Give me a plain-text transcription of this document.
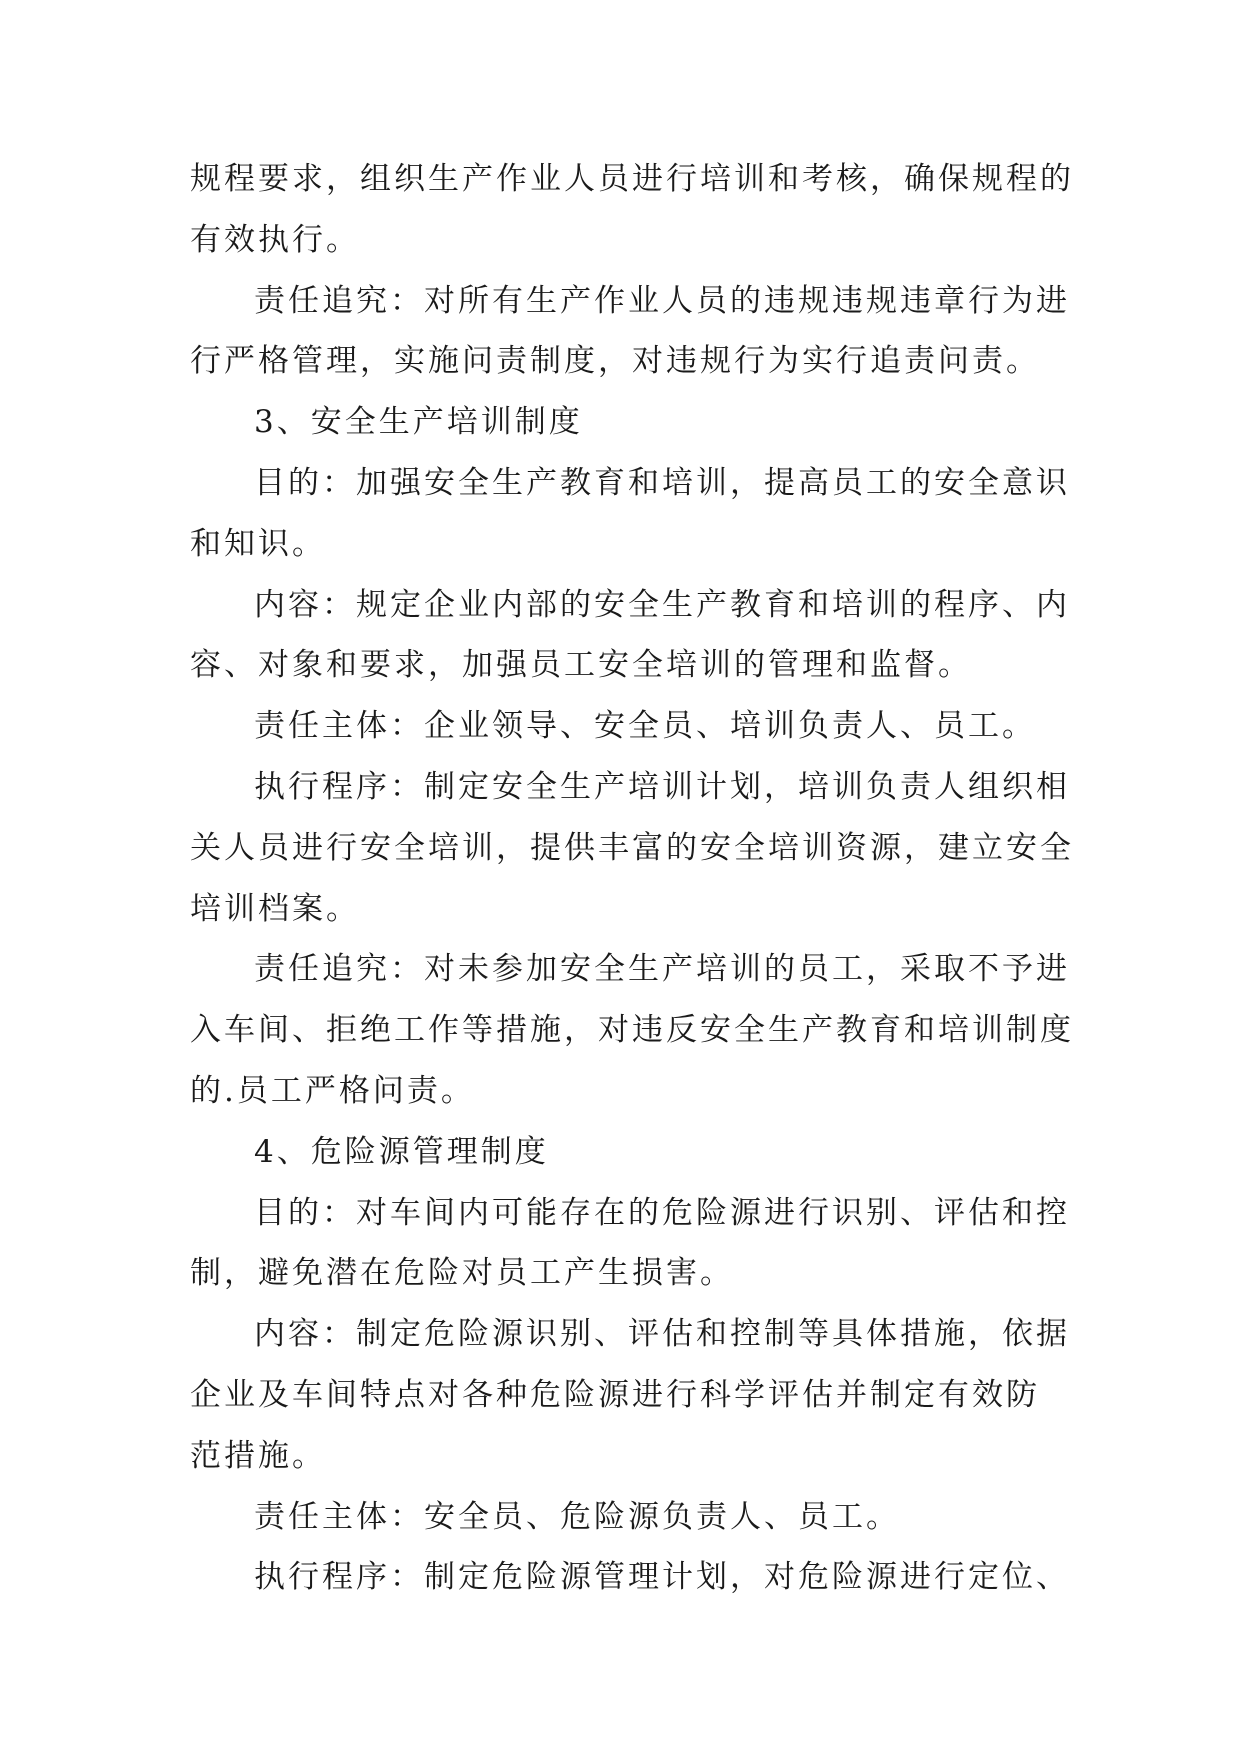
规程要求，组织生产作业人员进行培训和考核，确保规程的
有效执行。
责任追究：对所有生产作业人员的违规违规违章行为进
行严格管理，实施问责制度，对违规行为实行追责问责。
3、安全生产培训制度
目的：加强安全生产教育和培训，提高员工的安全意识
和知识。
内容：规定企业内部的安全生产教育和培训的程序、内
容、对象和要求，加强员工安全培训的管理和监督。
责任主体：企业领导、安全员、培训负责人、员工。
执行程序：制定安全生产培训计划，培训负责人组织相
关人员进行安全培训，提供丰富的安全培训资源，建立安全
培训档案。
责任追究：对未参加安全生产培训的员工，采取不予进
入车间、拒绝工作等措施，对违反安全生产教育和培训制度
的.员工严格问责。
4、危险源管理制度
目的：对车间内可能存在的危险源进行识别、评估和控
制，避免潜在危险对员工产生损害。
内容：制定危险源识别、评估和控制等具体措施，依据
企业及车间特点对各种危险源进行科学评估并制定有效防
范措施。
责任主体：安全员、危险源负责人、员工。
执行程序：制定危险源管理计划，对危险源进行定位、
